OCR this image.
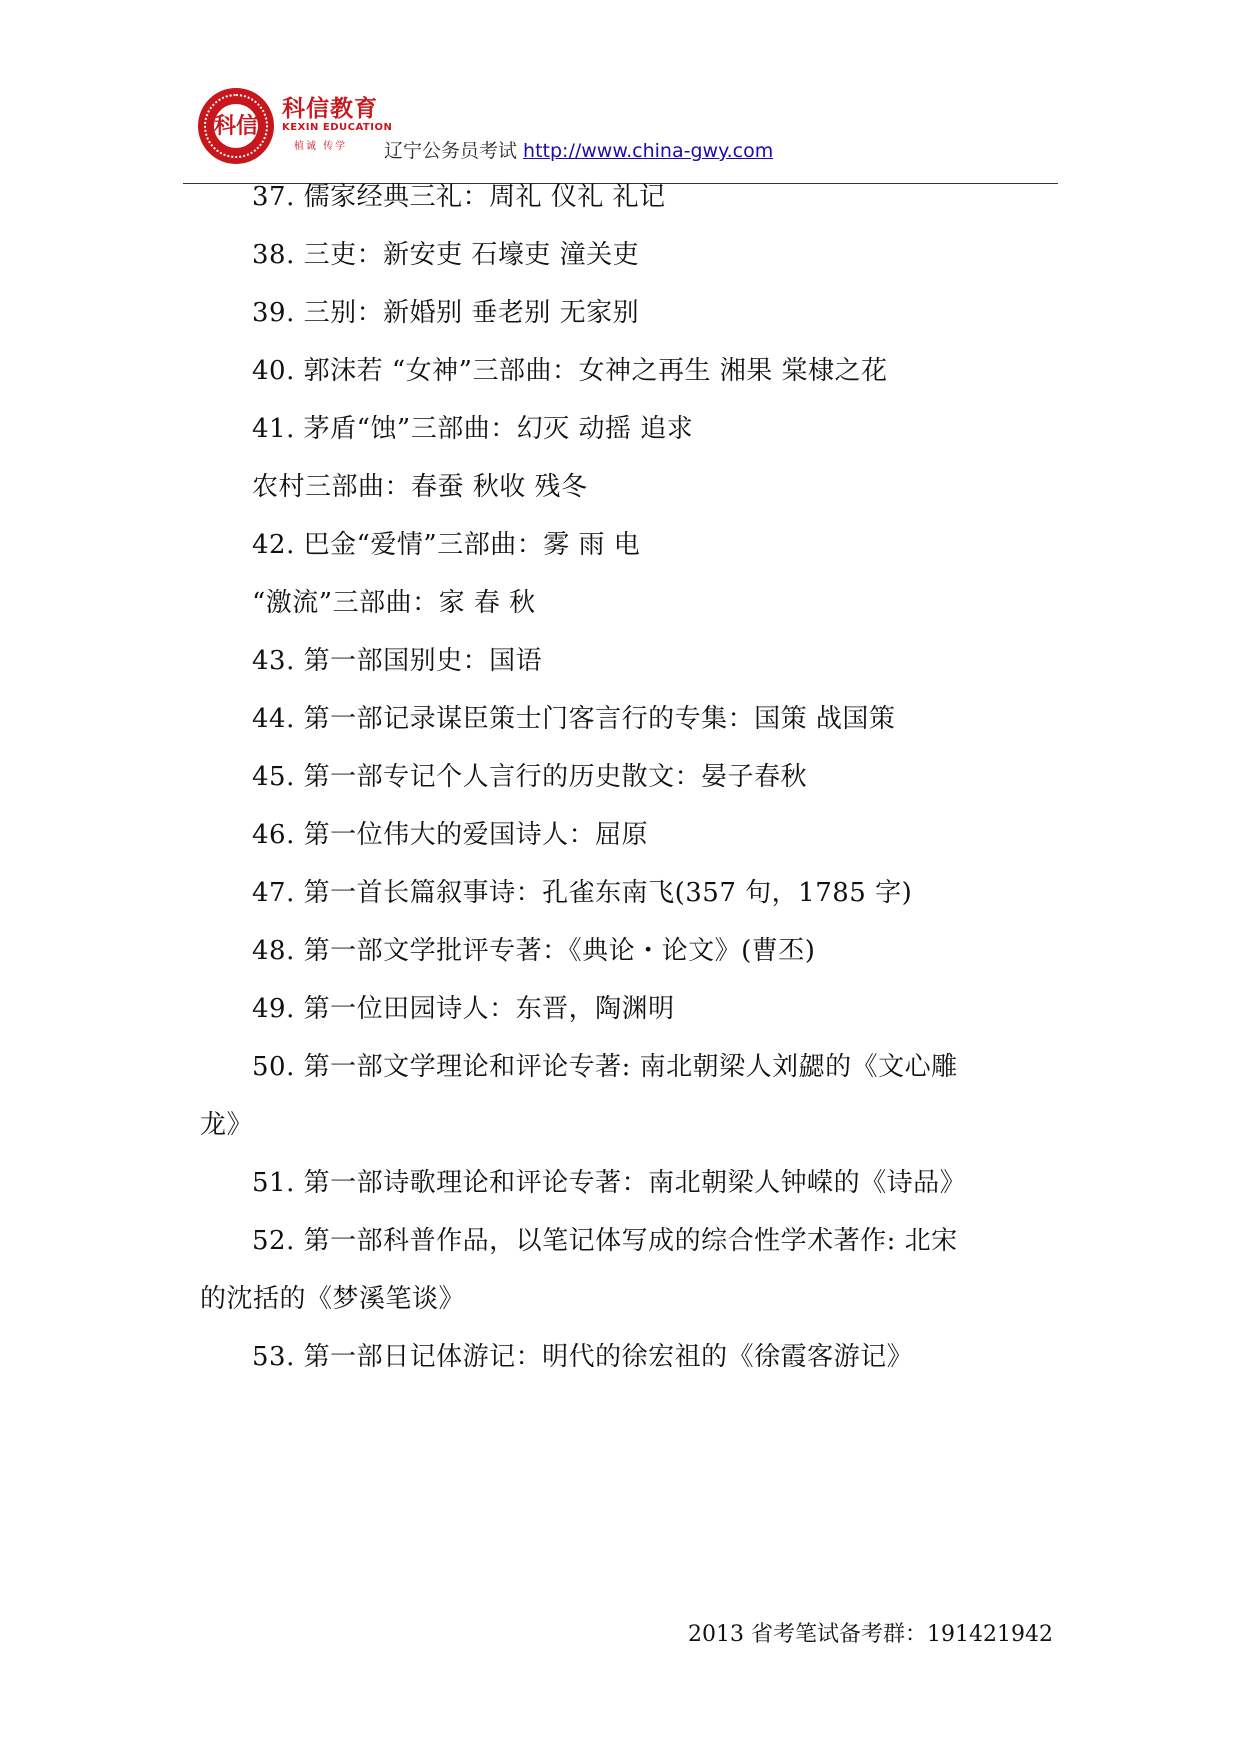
科信
科信教育
KEXIN EDUCATION
植诚 传学 辽宁公务员考试 http://www.china-gwy.com
37. 儒家经典三礼：周礼 仪礼 礼记
38. 三吏：新安吏 石壕吏 潼关吏
39. 三别：新婚别 垂老别 无家别
40. 郭沫若 “女神”三部曲：女神之再生 湘果 棠棣之花
41. 茅盾“蚀”三部曲：幻灭 动摇 追求
农村三部曲：春蚕 秋收 残冬
42. 巴金“爱情”三部曲：雾 雨 电
“激流”三部曲：家 春 秋
43. 第一部国别史：国语
44. 第一部记录谋臣策士门客言行的专集：国策 战国策
45. 第一部专记个人言行的历史散文：晏子春秋
46. 第一位伟大的爱国诗人：屈原
47. 第一首长篇叙事诗：孔雀东南飞(357 句，1785 字)
48. 第一部文学批评专著：《典论・论文》(曹丕)
49. 第一位田园诗人：东晋，陶渊明
50. 第一部文学理论和评论专著: 南北朝梁人刘勰的《文心雕
龙》
51. 第一部诗歌理论和评论专著：南北朝梁人钟嵘的《诗品》
52. 第一部科普作品，以笔记体写成的综合性学术著作: 北宋
的沈括的《梦溪笔谈》
53. 第一部日记体游记：明代的徐宏祖的《徐霞客游记》
2013 省考笔试备考群：191421942
